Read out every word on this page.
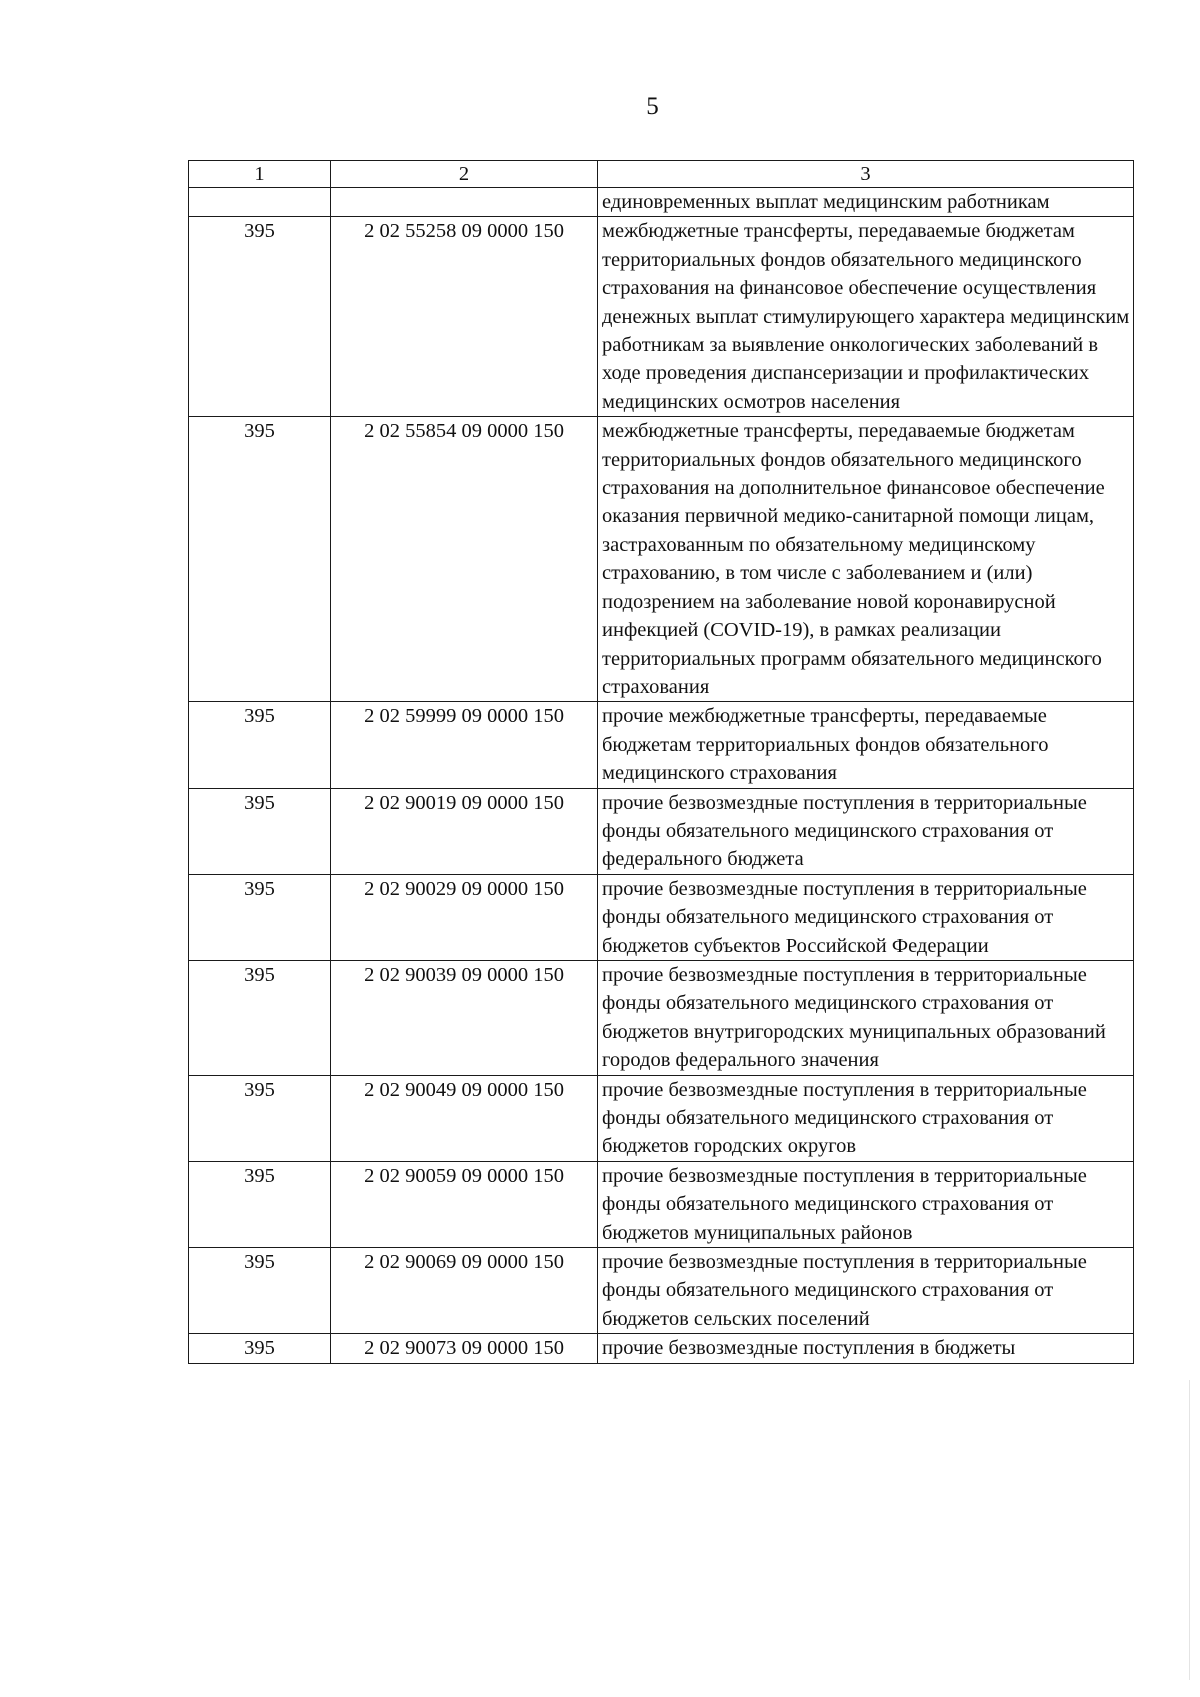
5
1	2	3
		единовременных выплат медицинским работникам
395	2 02 55258 09 0000 150	межбюджетные трансферты, передаваемые бюджетам территориальных фондов обязательного медицинского страхования на финансовое обеспечение осуществления денежных выплат стимулирующего характера медицинским работникам за выявление онкологических заболеваний в ходе проведения диспансеризации и профилактических медицинских осмотров населения
395	2 02 55854 09 0000 150	межбюджетные трансферты, передаваемые бюджетам территориальных фондов обязательного медицинского страхования на дополнительное финансовое обеспечение оказания первичной медико-санитарной помощи лицам, застрахованным по обязательному медицинскому страхованию, в том числе с заболеванием и (или) подозрением на заболевание новой коронавирусной инфекцией (COVID-19), в рамках реализации территориальных программ обязательного медицинского страхования
395	2 02 59999 09 0000 150	прочие межбюджетные трансферты, передаваемые бюджетам территориальных фондов обязательного медицинского страхования
395	2 02 90019 09 0000 150	прочие безвозмездные поступления в территориальные фонды обязательного медицинского страхования от федерального бюджета
395	2 02 90029 09 0000 150	прочие безвозмездные поступления в территориальные фонды обязательного медицинского страхования от бюджетов субъектов Российской Федерации
395	2 02 90039 09 0000 150	прочие безвозмездные поступления в территориальные фонды обязательного медицинского страхования от бюджетов внутригородских муниципальных образований городов федерального значения
395	2 02 90049 09 0000 150	прочие безвозмездные поступления в территориальные фонды обязательного медицинского страхования от бюджетов городских округов
395	2 02 90059 09 0000 150	прочие безвозмездные поступления в территориальные фонды обязательного медицинского страхования от бюджетов муниципальных районов
395	2 02 90069 09 0000 150	прочие безвозмездные поступления в территориальные фонды обязательного медицинского страхования от бюджетов сельских поселений
395	2 02 90073 09 0000 150	прочие безвозмездные поступления в бюджеты
